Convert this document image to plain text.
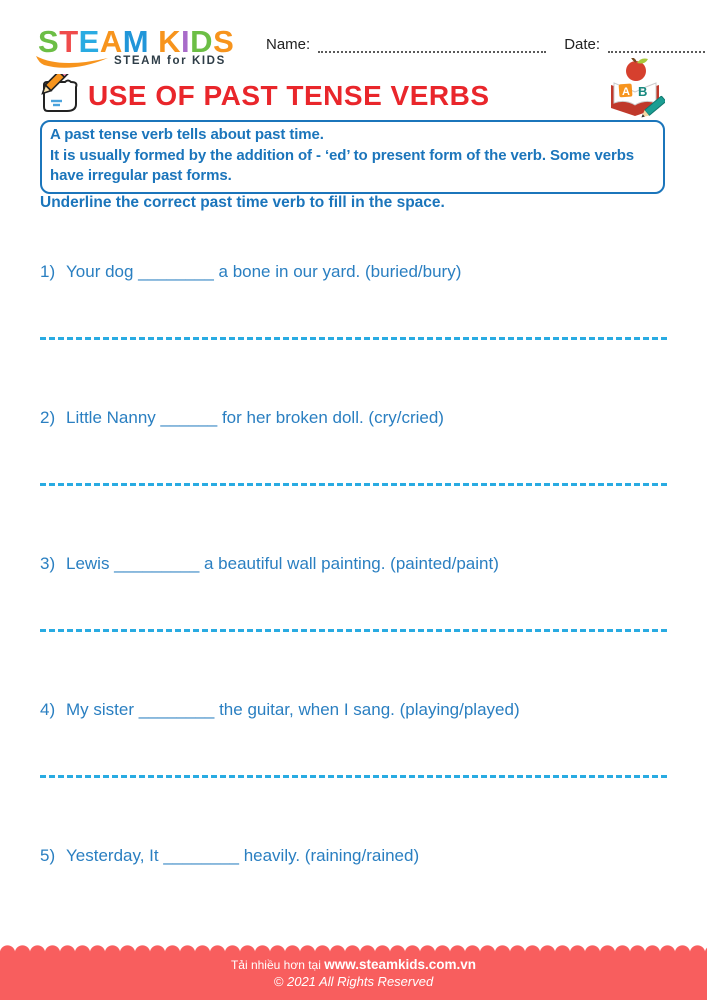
STEAM KIDS
STEAM for KIDS
Name:	Date:
USE OF PAST TENSE VERBS	A B
A past tense verb tells about past time.
It is usually formed by the addition of - ‘ed’ to present form of the verb. Some verbs have irregular past forms.
Underline the correct past time verb to fill in the space.
1) Your dog ________ a bone in our yard. (buried/bury)
2) Little Nanny ______ for her broken doll. (cry/cried)
3) Lewis _________ a beautiful wall painting. (painted/paint)
4) My sister ________ the guitar, when I sang. (playing/played)
5) Yesterday, It ________ heavily. (raining/rained)
Tải nhiều hơn tại www.steamkids.com.vn
© 2021 All Rights Reserved
